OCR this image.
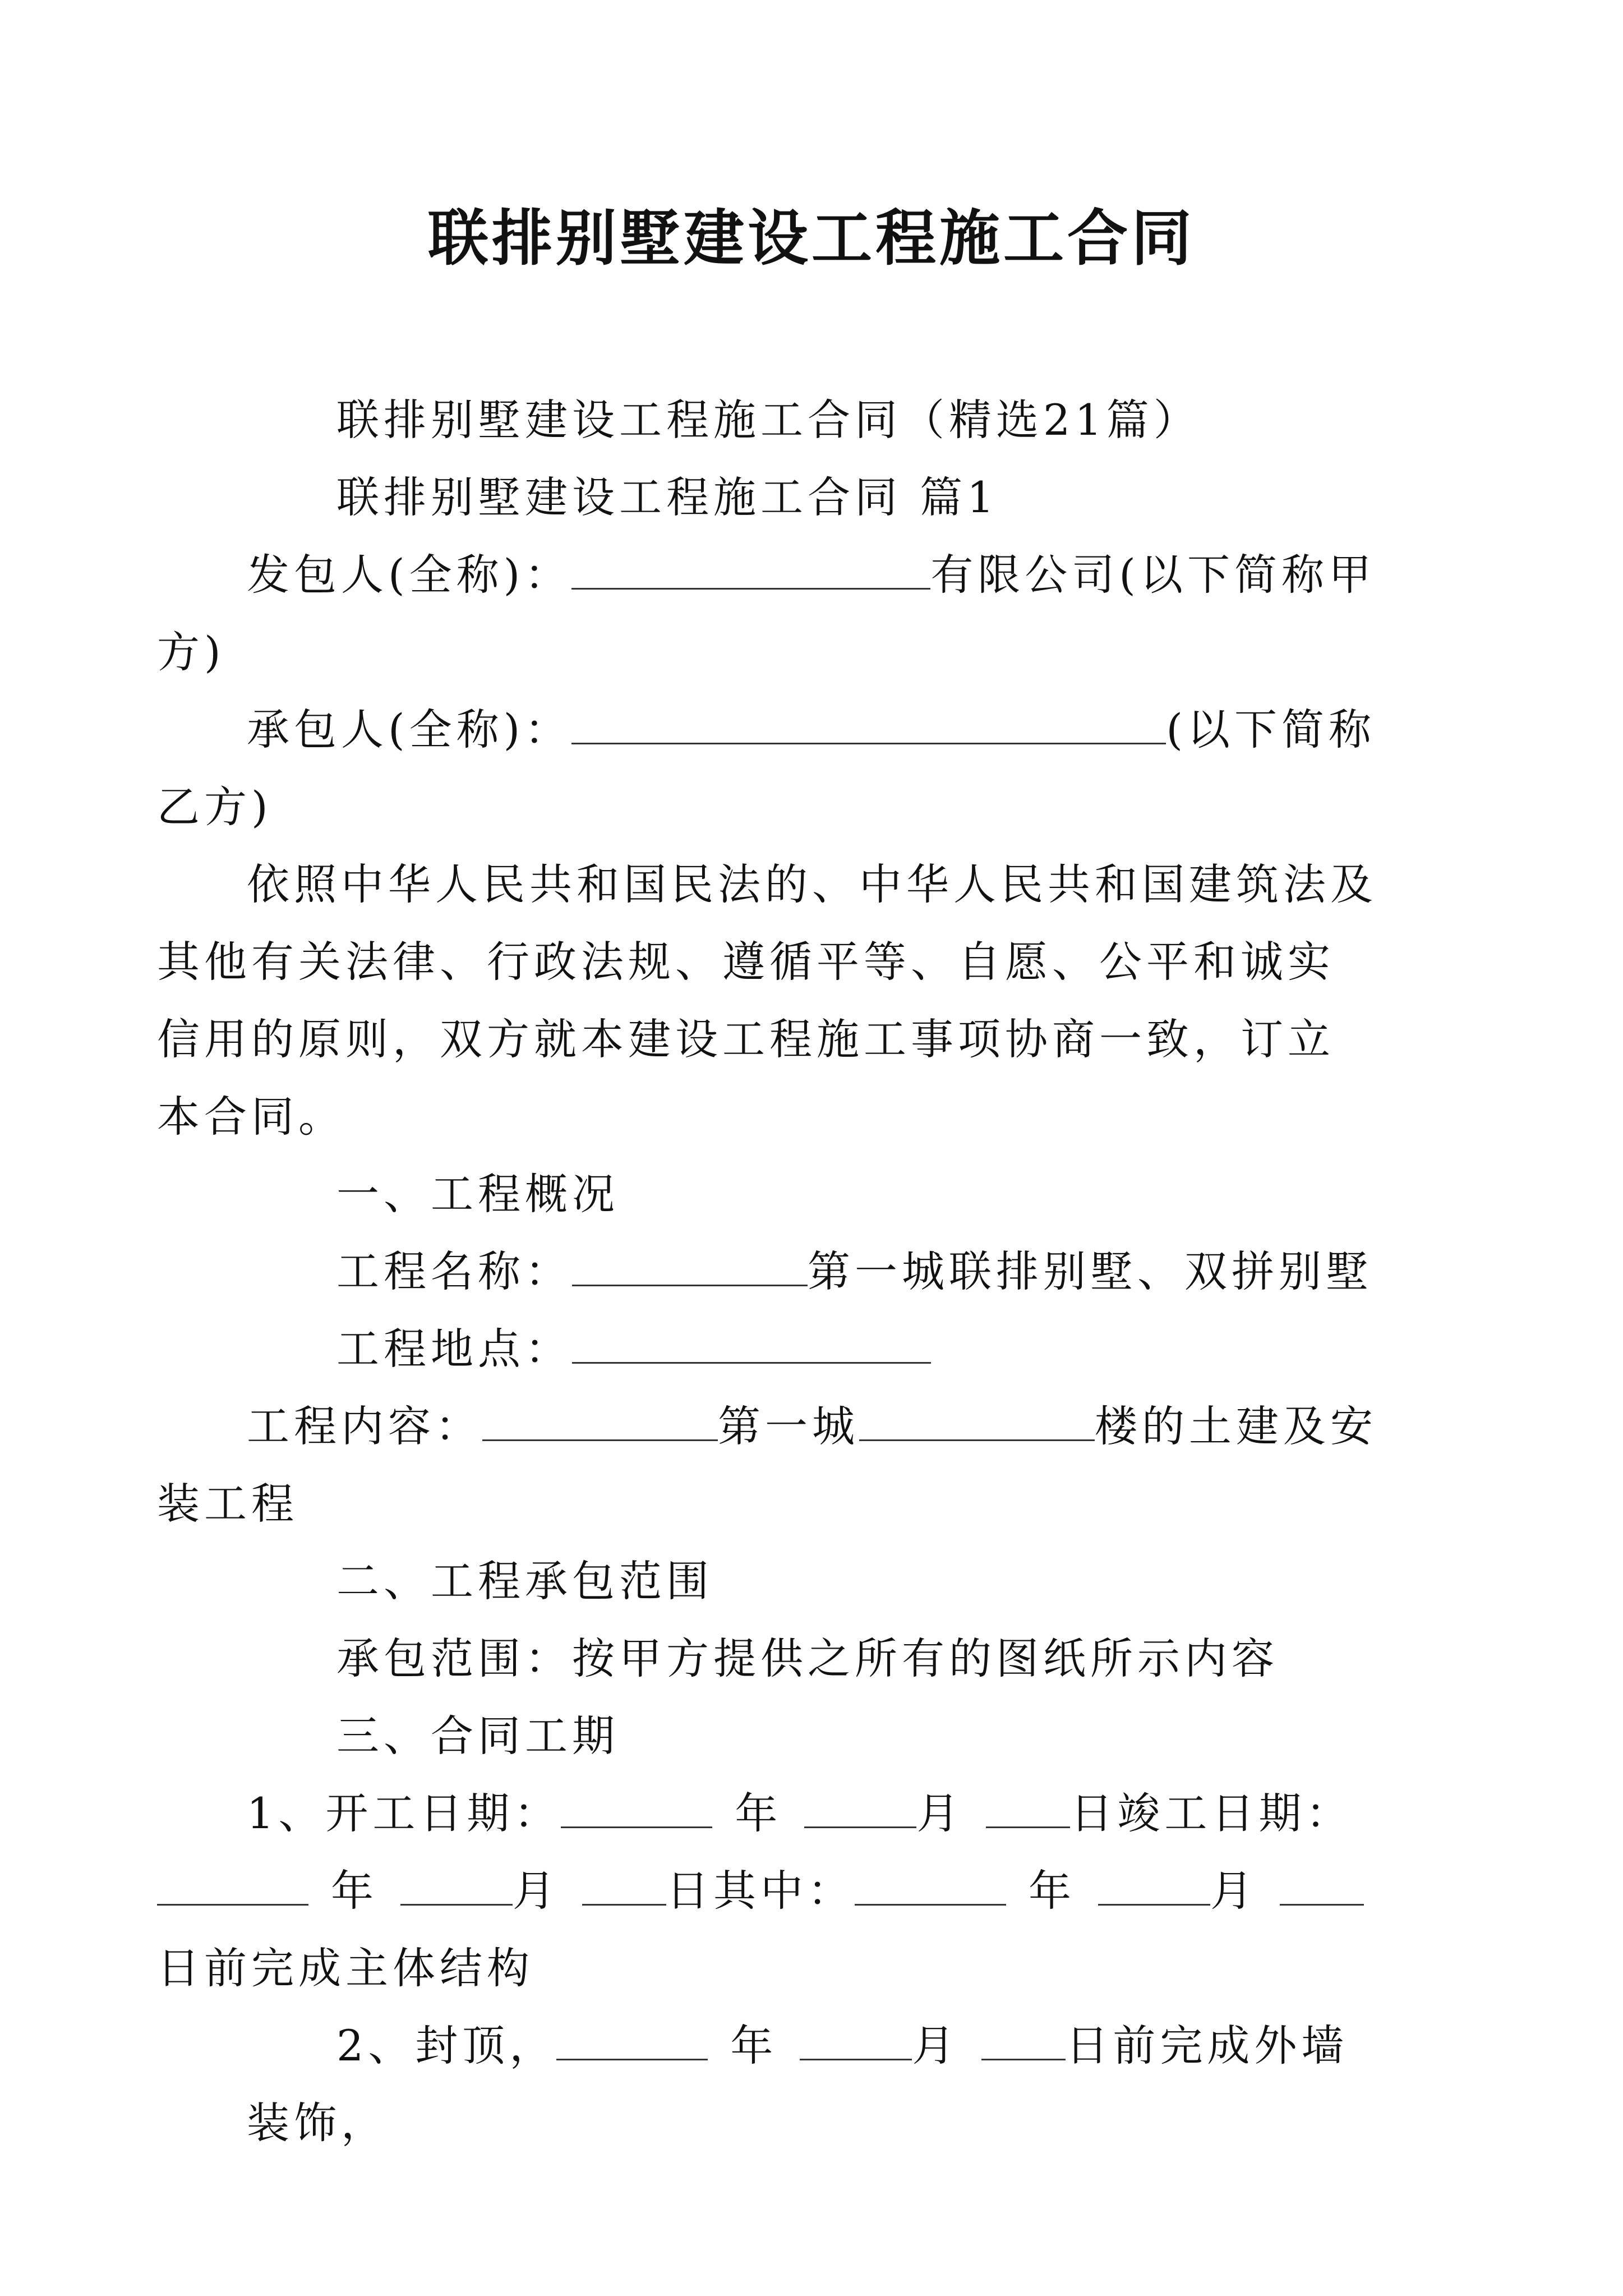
联排别墅建设工程施工合同

联排别墅建设工程施工合同（精选21篇）

联排别墅建设工程施工合同 篇1

发包人(全称)：	有限公司(以下简称甲方)

承包人(全称)：	(以下简称乙方)

依照中华人民共和国民法的、中华人民共和国建筑法及其他有关法律、行政法规、遵循平等、自愿、公平和诚实信用的原则，双方就本建设工程施工事项协商一致，订立本合同。

一、工程概况

工程名称：	第一城联排别墅、双拼别墅

工程地点：

工程内容：	第一城	楼的土建及安装工程

二、工程承包范围

承包范围：按甲方提供之所有的图纸所示内容

三、合同工期

1、开工日期：	年	月	日竣工日期：年	月	日其中：	年	月日前完成主体结构

2、封顶，	年	月	日前完成外墙装饰，
